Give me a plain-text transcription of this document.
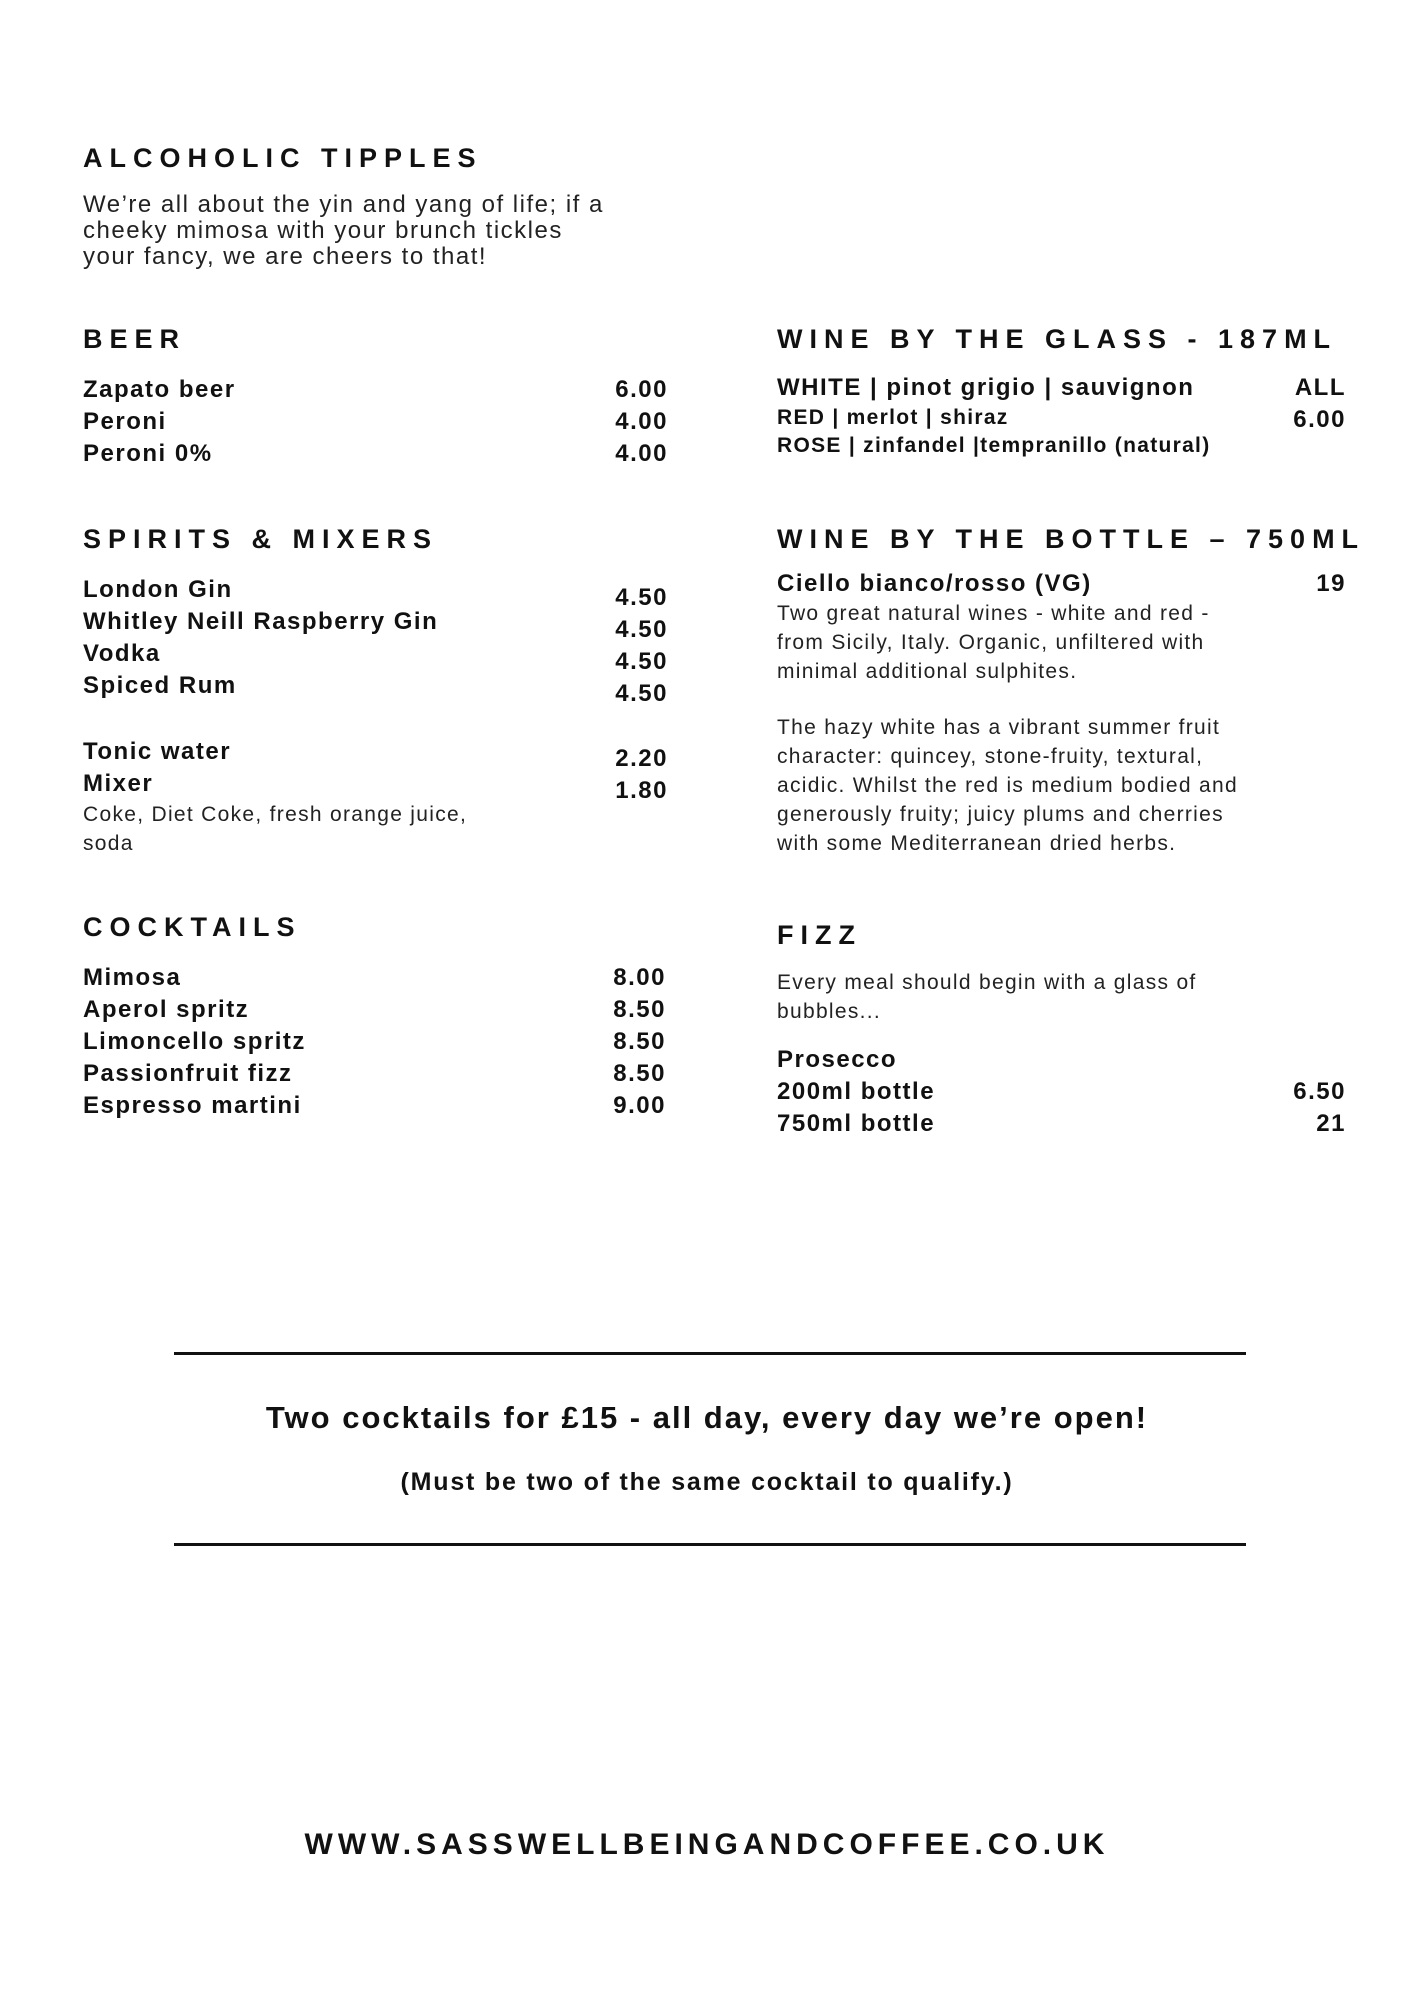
ALCOHOLIC TIPPLES
We’re all about the yin and yang of life; if a
cheeky mimosa with your brunch tickles
your fancy, we are cheers to that!
BEER
Zapato beer	6.00
Peroni	4.00
Peroni 0%	4.00
SPIRITS & MIXERS
London Gin	4.50
Whitley Neill Raspberry Gin	4.50
Vodka	4.50
Spiced Rum	4.50
Tonic water	2.20
Mixer	1.80
Coke, Diet Coke, fresh orange juice,
soda
COCKTAILS
Mimosa	8.00
Aperol spritz	8.50
Limoncello spritz	8.50
Passionfruit fizz	8.50
Espresso martini	9.00
WINE BY THE GLASS - 187ML
WHITE | pinot grigio | sauvignon
RED | merlot | shiraz
ROSE | zinfandel |tempranillo (natural)
ALL
6.00
WINE BY THE BOTTLE – 750ML
Ciello bianco/rosso (VG)	19
Two great natural wines - white and red -
from Sicily, Italy. Organic, unfiltered with
minimal additional sulphites.
The hazy white has a vibrant summer fruit
character: quincey, stone-fruity, textural,
acidic. Whilst the red is medium bodied and
generously fruity; juicy plums and cherries
with some Mediterranean dried herbs.
FIZZ
Every meal should begin with a glass of
bubbles...
Prosecco
200ml bottle	6.50
750ml bottle	21
Two cocktails for £15 - all day, every day we’re open!
(Must be two of the same cocktail to qualify.)
WWW.SASSWELLBEINGANDCOFFEE.CO.UK
